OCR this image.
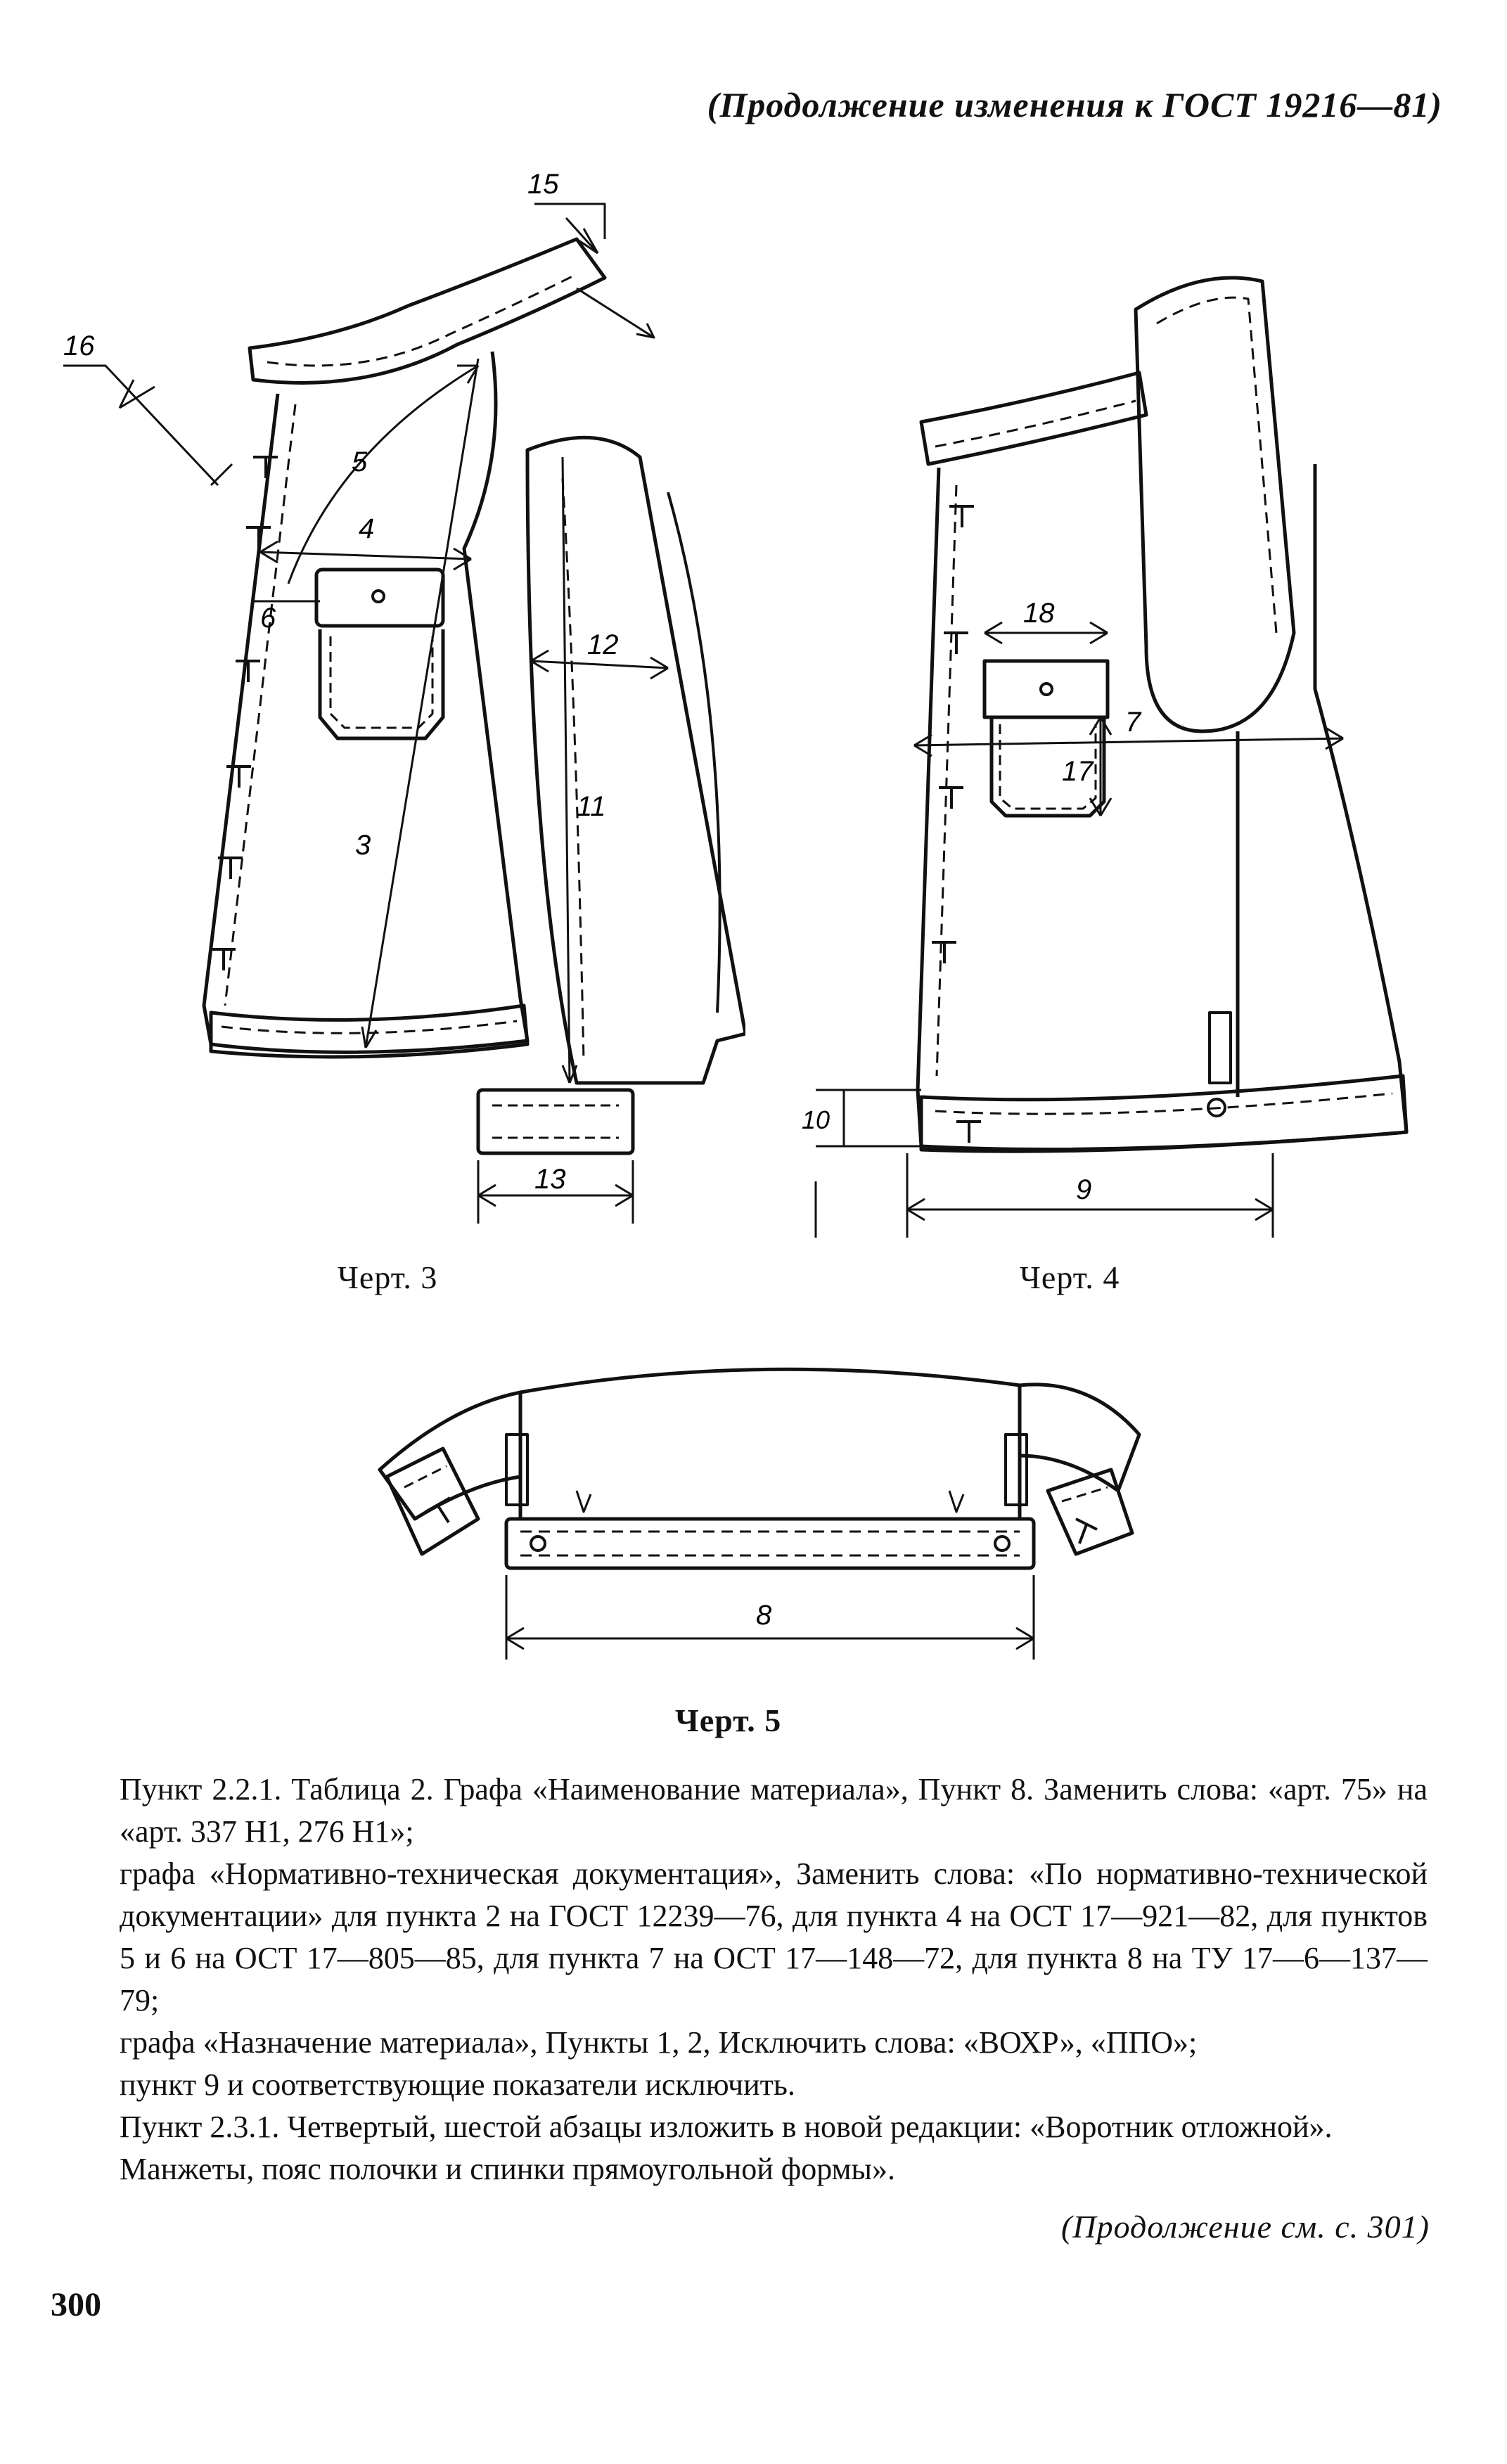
(Продолжение изменения к ГОСТ 19216—81)
15
16
5
4
6
12
3
11
13
Черт. 3
18
7
17
10
9
Черт. 4
8
Черт. 5

Пункт 2.2.1. Таблица 2. Графа «Наименование материала», Пункт 8. Заменить слова: «арт. 75» на «арт. 337 Н1, 276 Н1»;

графа «Нормативно-техническая документация», Заменить слова: «По нормативно-технической документации» для пункта 2 на ГОСТ 12239—76, для пункта 4 на ОСТ 17—921—82, для пунктов 5 и 6 на ОСТ 17—805—85, для пункта 7 на ОСТ 17—148—72, для пункта 8 на ТУ 17—6—137—79;

графа «Назначение материала», Пункты 1, 2, Исключить слова: «ВОХР», «ППО»;

пункт 9 и соответствующие показатели исключить.

Пункт 2.3.1. Четвертый, шестой абзацы изложить в новой редакции: «Воротник отложной».

Манжеты, пояс полочки и спинки прямоугольной формы».

(Продолжение см. с. 301)
300
